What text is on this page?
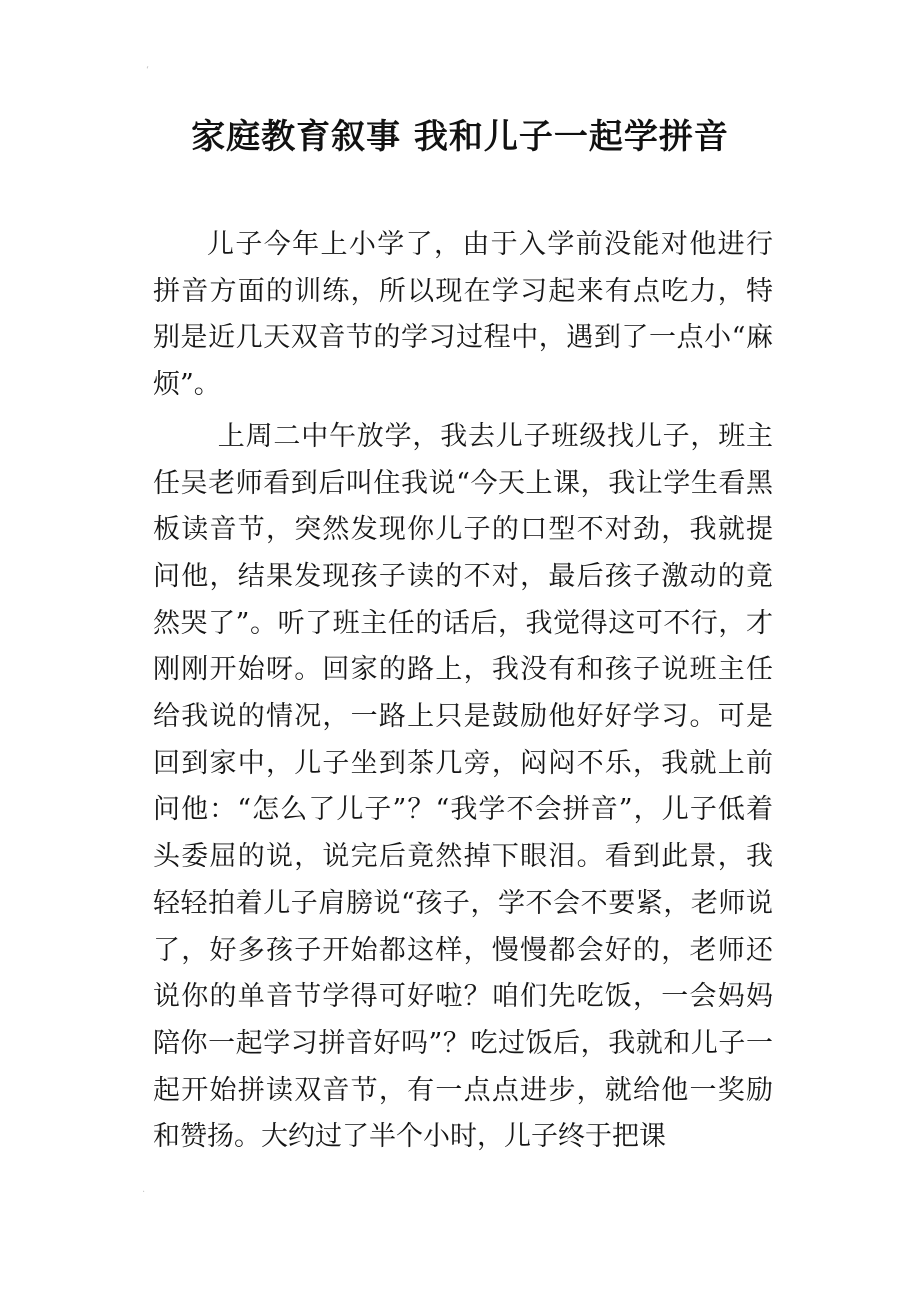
‘
家庭教育叙事 我和儿子一起学拼音

儿子今年上小学了，由于入学前没能对他进行拼音方面的训练，所以现在学习起来有点吃力，特别是近几天双音节的学习过程中，遇到了一点小“麻烦”。

上周二中午放学，我去儿子班级找儿子，班主任吴老师看到后叫住我说“今天上课，我让学生看黑板读音节，突然发现你儿子的口型不对劲，我就提问他，结果发现孩子读的不对，最后孩子激动的竟然哭了”。听了班主任的话后，我觉得这可不行，才刚刚开始呀。回家的路上，我没有和孩子说班主任给我说的情况，一路上只是鼓励他好好学习。可是回到家中，儿子坐到茶几旁，闷闷不乐，我就上前问他：“怎么了儿子”？“我学不会拼音”，儿子低着头委屈的说，说完后竟然掉下眼泪。看到此景，我轻轻拍着儿子肩膀说“孩子，学不会不要紧，老师说了，好多孩子开始都这样，慢慢都会好的，老师还说你的单音节学得可好啦？咱们先吃饭，一会妈妈陪你一起学习拼音好吗”？吃过饭后，我就和儿子一起开始拼读双音节，有一点点进步，就给他一奖励和赞扬。大约过了半个小时，儿子终于把课

·
